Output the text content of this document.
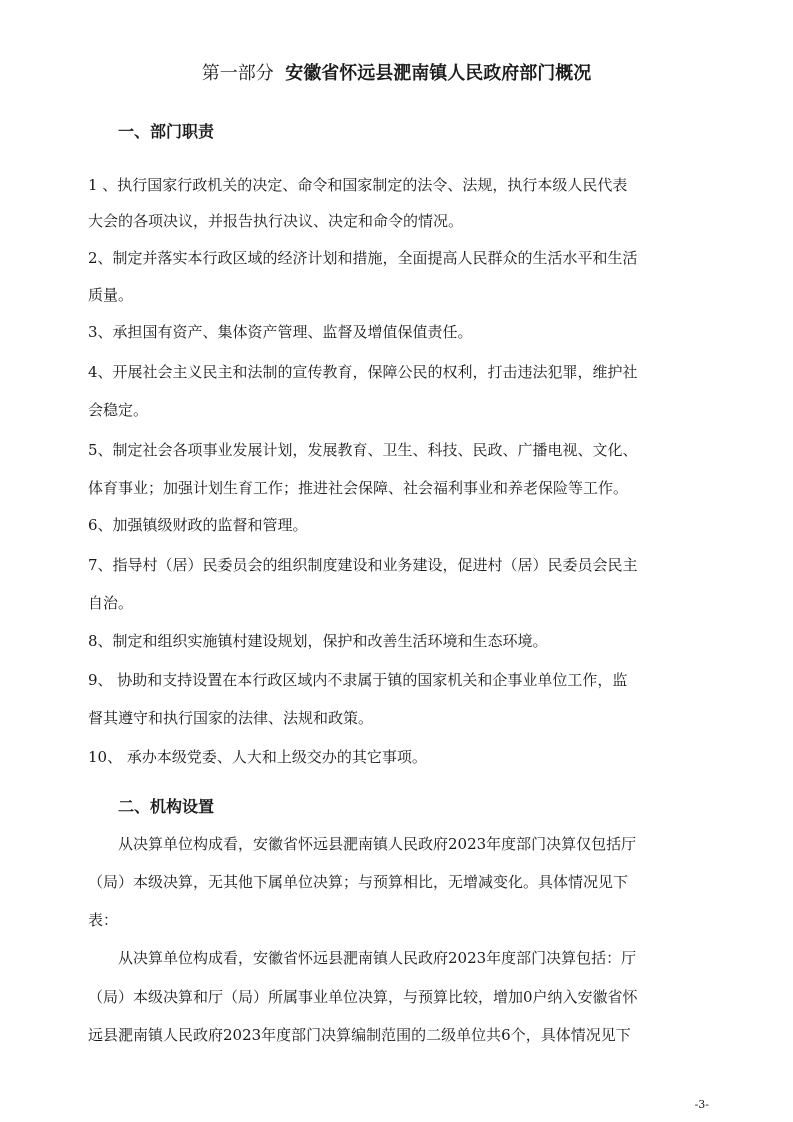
第一部分 安徽省怀远县淝南镇人民政府部门概况
一、部门职责
1 、执行国家行政机关的决定、命令和国家制定的法令、法规，执行本级人民代表
大会的各项决议，并报告执行决议、决定和命令的情况。
2、制定并落实本行政区域的经济计划和措施，全面提高人民群众的生活水平和生活
质量。
3、承担国有资产、集体资产管理、监督及增值保值责任。
4、开展社会主义民主和法制的宣传教育，保障公民的权利，打击违法犯罪，维护社
会稳定。
5、制定社会各项事业发展计划，发展教育、卫生、科技、民政、广播电视、文化、
体育事业；加强计划生育工作；推进社会保障、社会福利事业和养老保险等工作。
6、加强镇级财政的监督和管理。
7、指导村（居）民委员会的组织制度建设和业务建设，促进村（居）民委员会民主
自治。
8、制定和组织实施镇村建设规划，保护和改善生活环境和生态环境。
9、 协助和支持设置在本行政区域内不隶属于镇的国家机关和企事业单位工作，监
督其遵守和执行国家的法律、法规和政策。
10、 承办本级党委、人大和上级交办的其它事项。
二、机构设置
从决算单位构成看，安徽省怀远县淝南镇人民政府2023年度部门决算仅包括厅
（局）本级决算，无其他下属单位决算；与预算相比，无增减变化。具体情况见下
表：
从决算单位构成看，安徽省怀远县淝南镇人民政府2023年度部门决算包括：厅
（局）本级决算和厅（局）所属事业单位决算，与预算比较，增加0户纳入安徽省怀
远县淝南镇人民政府2023年度部门决算编制范围的二级单位共6个，具体情况见下
-3-
